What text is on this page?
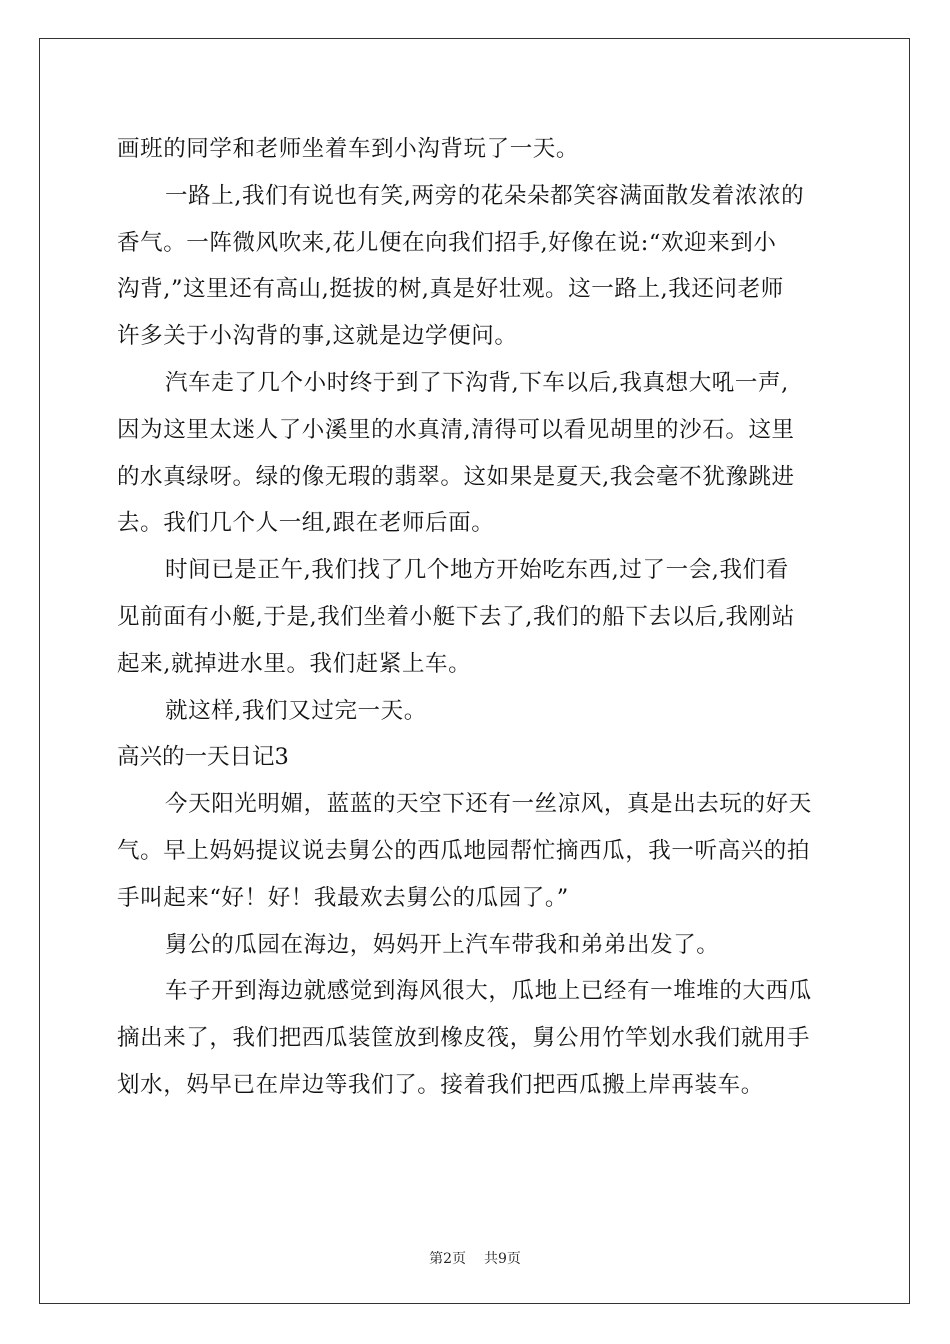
画班的同学和老师坐着车到小沟背玩了一天。
一路上,我们有说也有笑,两旁的花朵朵都笑容满面散发着浓浓的
香气。一阵微风吹来,花儿便在向我们招手,好像在说:“欢迎来到小
沟背,”这里还有高山,挺拔的树,真是好壮观。这一路上,我还问老师
许多关于小沟背的事,这就是边学便问。
汽车走了几个小时终于到了下沟背,下车以后,我真想大吼一声,
因为这里太迷人了小溪里的水真清,清得可以看见胡里的沙石。这里
的水真绿呀。绿的像无瑕的翡翠。这如果是夏天,我会毫不犹豫跳进
去。我们几个人一组,跟在老师后面。
时间已是正午,我们找了几个地方开始吃东西,过了一会,我们看
见前面有小艇,于是,我们坐着小艇下去了,我们的船下去以后,我刚站
起来,就掉进水里。我们赶紧上车。
就这样,我们又过完一天。
高兴的一天日记3
今天阳光明媚，蓝蓝的天空下还有一丝凉风，真是出去玩的好天
气。早上妈妈提议说去舅公的西瓜地园帮忙摘西瓜，我一听高兴的拍
手叫起来“好！好！我最欢去舅公的瓜园了。”
舅公的瓜园在海边，妈妈开上汽车带我和弟弟出发了。
车子开到海边就感觉到海风很大，瓜地上已经有一堆堆的大西瓜
摘出来了，我们把西瓜装筐放到橡皮筏，舅公用竹竿划水我们就用手
划水，妈早已在岸边等我们了。接着我们把西瓜搬上岸再装车。
第2页 共9页
